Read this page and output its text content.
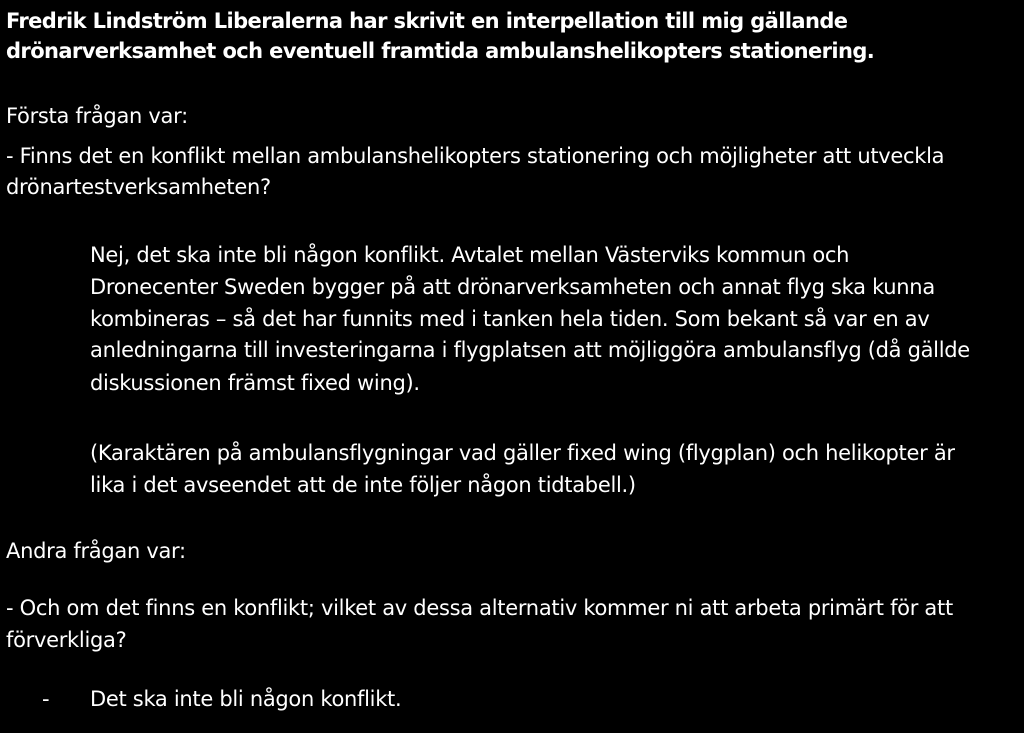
Fredrik Lindström Liberalerna har skrivit en interpellation till mig gällande
drönarverksamhet och eventuell framtida ambulanshelikopters stationering.
Första frågan var:
- Finns det en konflikt mellan ambulanshelikopters stationering och möjligheter att utveckla
drönartestverksamheten?
Nej, det ska inte bli någon konflikt. Avtalet mellan Västerviks kommun och
Dronecenter Sweden bygger på att drönarverksamheten och annat flyg ska kunna
kombineras – så det har funnits med i tanken hela tiden. Som bekant så var en av
anledningarna till investeringarna i flygplatsen att möjliggöra ambulansflyg (då gällde
diskussionen främst fixed wing).
(Karaktären på ambulansflygningar vad gäller fixed wing (flygplan) och helikopter är
lika i det avseendet att de inte följer någon tidtabell.)
Andra frågan var:
- Och om det finns en konflikt; vilket av dessa alternativ kommer ni att arbeta primärt för att
förverkliga?
- Det ska inte bli någon konflikt.
